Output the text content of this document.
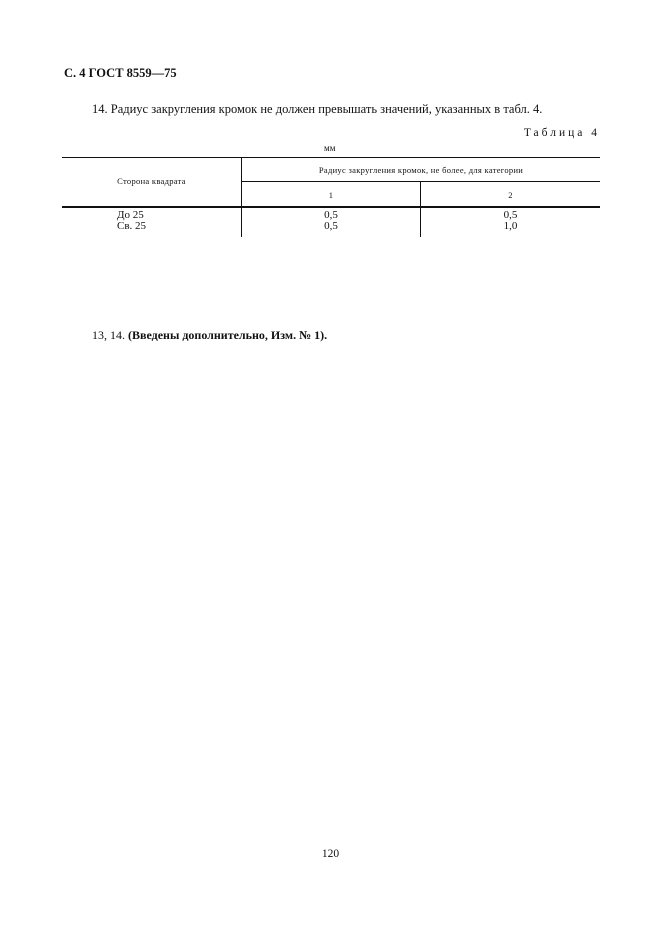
С. 4 ГОСТ 8559—75
14. Радиус закругления кромок не должен превышать значений, указанных в табл. 4.
Таблица 4
мм
Сторона квадрата
Радиус закругления кромок, не более, для категории
1	2
До 25	0,5	0,5
Св. 25	0,5	1,0
13, 14. (Введены дополнительно, Изм. № 1).
120
